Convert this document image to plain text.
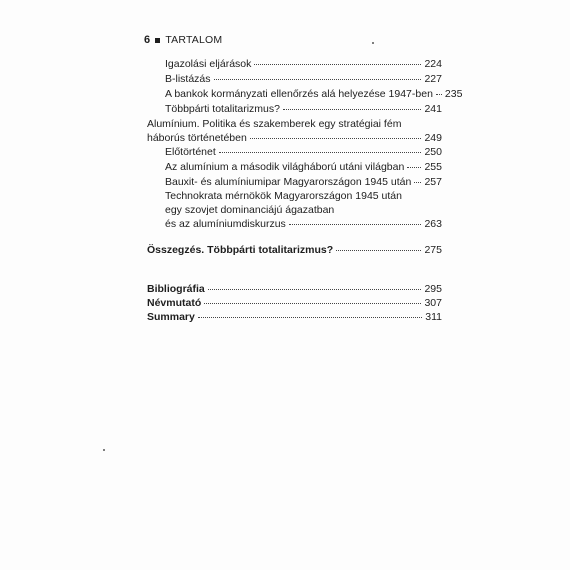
6 TARTALOM
Igazolási eljárások	224
B-listázás	227
A bankok kormányzati ellenőrzés alá helyezése 1947-ben 235
Többpárti totalitarizmus?	241
Alumínium. Politika és szakemberek egy stratégiai fém
háborús történetében	249
Előtörténet	250
Az alumínium a második világháború utáni világban 255
Bauxit- és alumíniumipar Magyarországon 1945 után 257
Technokrata mérnökök Magyarországon 1945 után
egy szovjet dominanciájú ágazatban
és az alumíniumdiskurzus	263
Összegzés. Többpárti totalitarizmus?	275
Bibliográfia	295
Névmutató	307
Summary	311
